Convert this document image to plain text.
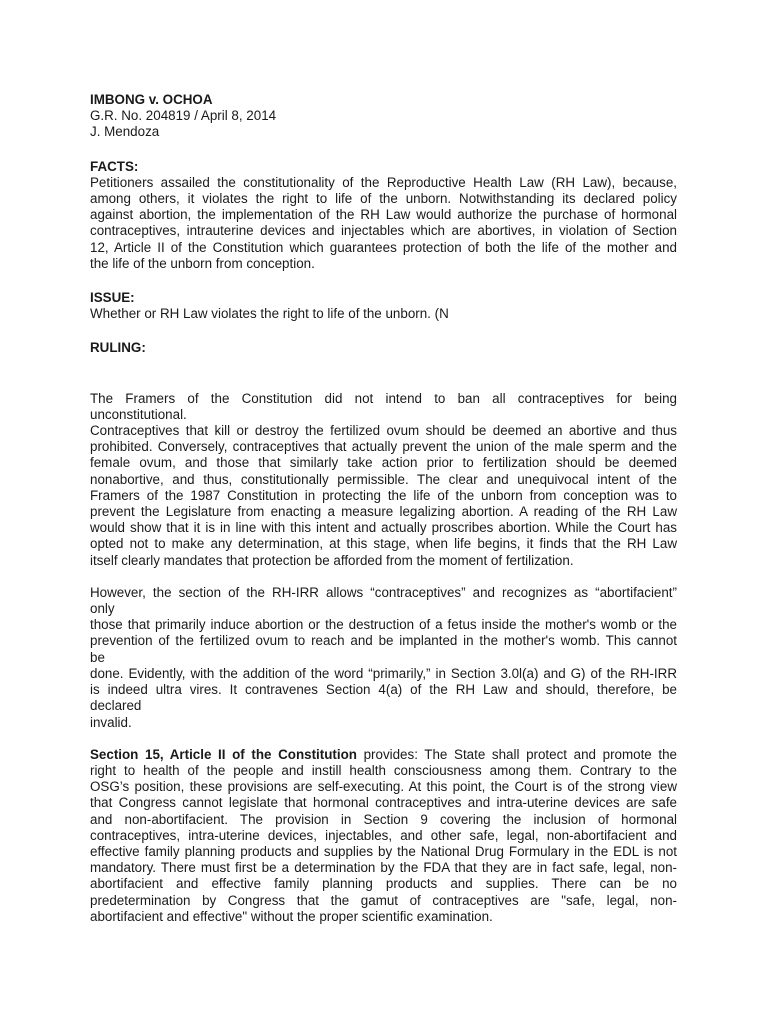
IMBONG v. OCHOA
G.R. No. 204819 / April 8, 2014
J. Mendoza
FACTS:
Petitioners assailed the constitutionality of the Reproductive Health Law (RH Law), because,
among others, it violates the right to life of the unborn. Notwithstanding its declared policy
against abortion, the implementation of the RH Law would authorize the purchase of hormonal
contraceptives, intrauterine devices and injectables which are abortives, in violation of Section
12, Article II of the Constitution which guarantees protection of both the life of the mother and
the life of the unborn from conception.
ISSUE:
Whether or RH Law violates the right to life of the unborn. (N
RULING:
The Framers of the Constitution did not intend to ban all contraceptives for being
unconstitutional.
Contraceptives that kill or destroy the fertilized ovum should be deemed an abortive and thus
prohibited. Conversely, contraceptives that actually prevent the union of the male sperm and the
female ovum, and those that similarly take action prior to fertilization should be deemed
nonabortive, and thus, constitutionally permissible. The clear and unequivocal intent of the
Framers of the 1987 Constitution in protecting the life of the unborn from conception was to
prevent the Legislature from enacting a measure legalizing abortion. A reading of the RH Law
would show that it is in line with this intent and actually proscribes abortion. While the Court has
opted not to make any determination, at this stage, when life begins, it finds that the RH Law
itself clearly mandates that protection be afforded from the moment of fertilization.
However, the section of the RH-IRR allows “contraceptives” and recognizes as “abortifacient”
only
those that primarily induce abortion or the destruction of a fetus inside the mother's womb or the
prevention of the fertilized ovum to reach and be implanted in the mother's womb. This cannot
be
done. Evidently, with the addition of the word “primarily,” in Section 3.0l(a) and G) of the RH-IRR
is indeed ultra vires. It contravenes Section 4(a) of the RH Law and should, therefore, be
declared
invalid.
Section 15, Article II of the Constitution provides: The State shall protect and promote the
right to health of the people and instill health consciousness among them. Contrary to the
OSG’s position, these provisions are self-executing. At this point, the Court is of the strong view
that Congress cannot legislate that hormonal contraceptives and intra-uterine devices are safe
and non-abortifacient. The provision in Section 9 covering the inclusion of hormonal
contraceptives, intra-uterine devices, injectables, and other safe, legal, non-abortifacient and
effective family planning products and supplies by the National Drug Formulary in the EDL is not
mandatory. There must first be a determination by the FDA that they are in fact safe, legal, non-
abortifacient and effective family planning products and supplies. There can be no
predetermination by Congress that the gamut of contraceptives are "safe, legal, non-
abortifacient and effective" without the proper scientific examination.
